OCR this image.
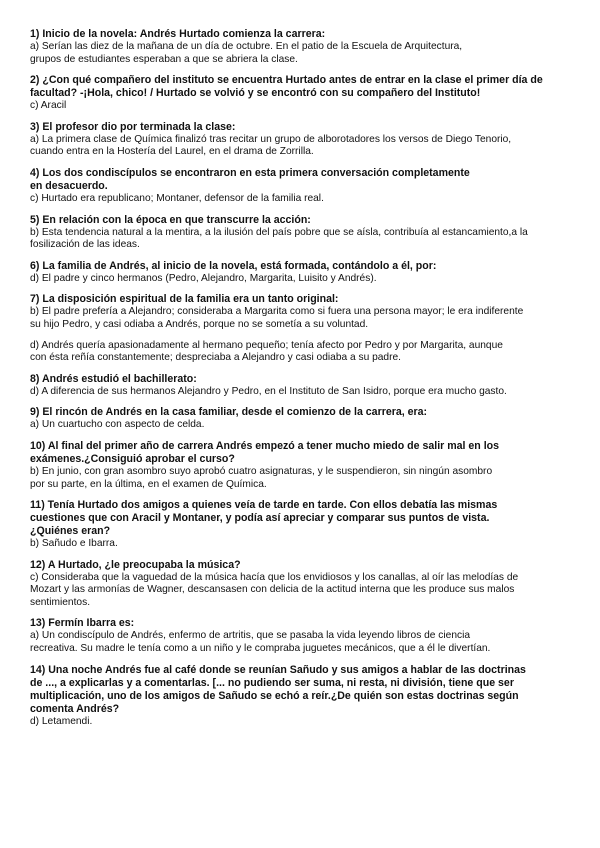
1) Inicio de la novela: Andrés Hurtado comienza la carrera:
a) Serían las diez de la mañana de un día de octubre. En el patio de la Escuela de Arquitectura,
grupos de estudiantes esperaban a que se abriera la clase.
2) ¿Con qué compañero del instituto se encuentra Hurtado antes de entrar en la clase el primer día de
facultad? -¡Hola, chico! / Hurtado se volvió y se encontró con su compañero del Instituto!
c) Aracil
3) El profesor dio por terminada la clase:
a) La primera clase de Química finalizó tras recitar un grupo de alborotadores los versos de Diego Tenorio,
cuando entra en la Hostería del Laurel, en el drama de Zorrilla.
4) Los dos condiscípulos se encontraron en esta primera conversación completamente
en desacuerdo.
c) Hurtado era republicano; Montaner, defensor de la familia real.
5) En relación con la época en que transcurre la acción:
b) Esta tendencia natural a la mentira, a la ilusión del país pobre que se aísla, contribuía al estancamiento,a la
fosilización de las ideas.
6) La familia de Andrés, al inicio de la novela, está formada, contándolo a él, por:
d) El padre y cinco hermanos (Pedro, Alejandro, Margarita, Luisito y Andrés).
7) La disposición espiritual de la familia era un tanto original:
b) El padre prefería a Alejandro; consideraba a Margarita como si fuera una persona mayor; le era indiferente
su hijo Pedro, y casi odiaba a Andrés, porque no se sometía a su voluntad.
d) Andrés quería apasionadamente al hermano pequeño; tenía afecto por Pedro y por Margarita, aunque
con ésta reñía constantemente; despreciaba a Alejandro y casi odiaba a su padre.
8) Andrés estudió el bachillerato:
d) A diferencia de sus hermanos Alejandro y Pedro, en el Instituto de San Isidro, porque era mucho gasto.
9) El rincón de Andrés en la casa familiar, desde el comienzo de la carrera, era:
a) Un cuartucho con aspecto de celda.
10) Al final del primer año de carrera Andrés empezó a tener mucho miedo de salir mal en los
exámenes.¿Consiguió aprobar el curso?
b) En junio, con gran asombro suyo aprobó cuatro asignaturas, y le suspendieron, sin ningún asombro
por su parte, en la última, en el examen de Química.
11) Tenía Hurtado dos amigos a quienes veía de tarde en tarde. Con ellos debatía las mismas
cuestiones que con Aracil y Montaner, y podía así apreciar y comparar sus puntos de vista.
¿Quiénes eran?
b) Sañudo e Ibarra.
12) A Hurtado, ¿le preocupaba la música?
c) Consideraba que la vaguedad de la música hacía que los envidiosos y los canallas, al oír las melodías de
Mozart y las armonías de Wagner, descansasen con delicia de la actitud interna que les produce sus malos
sentimientos.
13) Fermín Ibarra es:
a) Un condiscípulo de Andrés, enfermo de artritis, que se pasaba la vida leyendo libros de ciencia
recreativa. Su madre le tenía como a un niño y le compraba juguetes mecánicos, que a él le divertían.
14) Una noche Andrés fue al café donde se reunían Sañudo y sus amigos a hablar de las doctrinas
de ..., a explicarlas y a comentarlas. [... no pudiendo ser suma, ni resta, ni división, tiene que ser
multiplicación, uno de los amigos de Sañudo se echó a reír.¿De quién son estas doctrinas según
comenta Andrés?
d) Letamendi.
